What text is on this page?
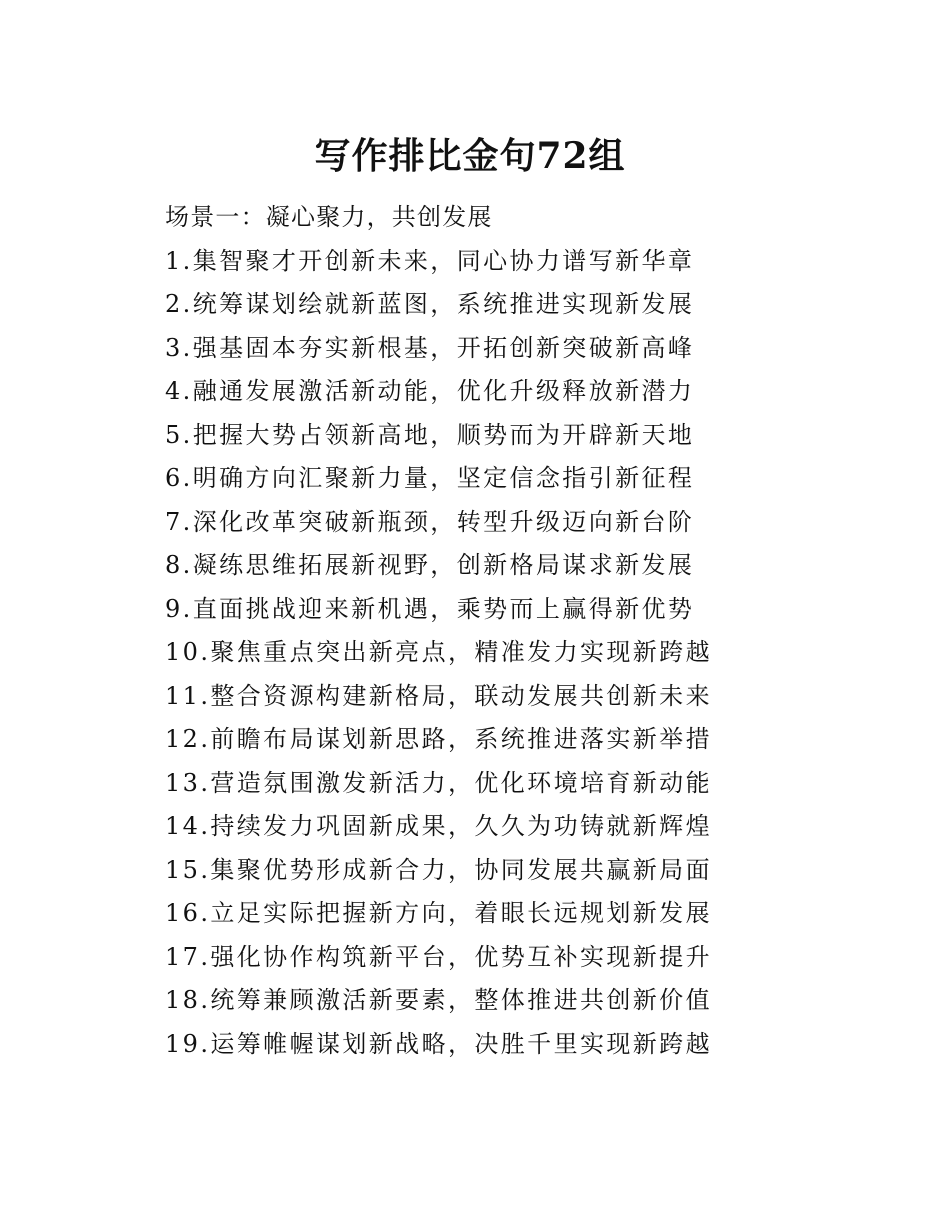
写作排比金句72组
场景一：凝心聚力，共创发展
1.集智聚才开创新未来，同心协力谱写新华章
2.统筹谋划绘就新蓝图，系统推进实现新发展
3.强基固本夯实新根基，开拓创新突破新高峰
4.融通发展激活新动能，优化升级释放新潜力
5.把握大势占领新高地，顺势而为开辟新天地
6.明确方向汇聚新力量，坚定信念指引新征程
7.深化改革突破新瓶颈，转型升级迈向新台阶
8.凝练思维拓展新视野，创新格局谋求新发展
9.直面挑战迎来新机遇，乘势而上赢得新优势
10.聚焦重点突出新亮点，精准发力实现新跨越
11.整合资源构建新格局，联动发展共创新未来
12.前瞻布局谋划新思路，系统推进落实新举措
13.营造氛围激发新活力，优化环境培育新动能
14.持续发力巩固新成果，久久为功铸就新辉煌
15.集聚优势形成新合力，协同发展共赢新局面
16.立足实际把握新方向，着眼长远规划新发展
17.强化协作构筑新平台，优势互补实现新提升
18.统筹兼顾激活新要素，整体推进共创新价值
19.运筹帷幄谋划新战略，决胜千里实现新跨越
